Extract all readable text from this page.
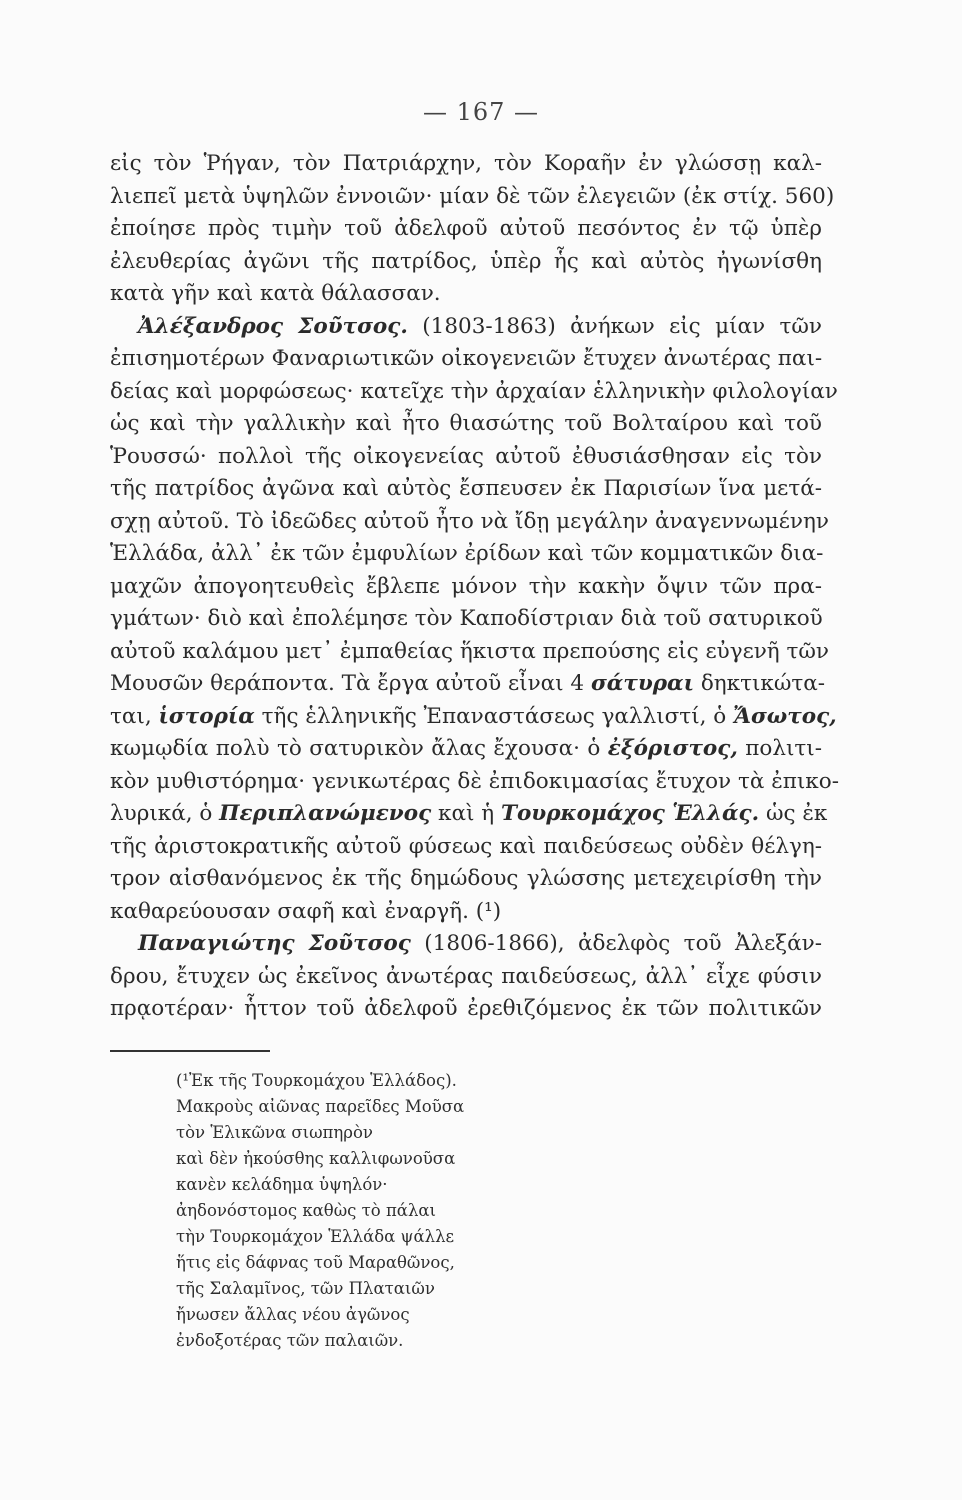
— 167 —
εἰς τὸν Ῥήγαν, τὸν Πατριάρχην, τὸν Κοραῆν ἐν γλώσσῃ καλ-
λιεπεῖ μετὰ ὑψηλῶν ἐννοιῶν· μίαν δὲ τῶν ἐλεγειῶν (ἐκ στίχ. 560)
ἐποίησε πρὸς τιμὴν τοῦ ἀδελφοῦ αὐτοῦ πεσόντος ἐν τῷ ὑπὲρ
ἐλευθερίας ἀγῶνι τῆς πατρίδος, ὑπὲρ ἧς καὶ αὐτὸς ἠγωνίσθη
κατὰ γῆν καὶ κατὰ θάλασσαν.
Ἀλέξανδρος Σοῦτσος. (1803-1863) ἀνήκων εἰς μίαν τῶν
ἐπισημοτέρων Φαναριωτικῶν οἰκογενειῶν ἔτυχεν ἀνωτέρας παι-
δείας καὶ μορφώσεως· κατεῖχε τὴν ἀρχαίαν ἑλληνικὴν φιλολογίαν
ὡς καὶ τὴν γαλλικὴν καὶ ἦτο θιασώτης τοῦ Βολταίρου καὶ τοῦ
Ῥουσσώ· πολλοὶ τῆς οἰκογενείας αὐτοῦ ἐθυσιάσθησαν εἰς τὸν
τῆς πατρίδος ἀγῶνα καὶ αὐτὸς ἔσπευσεν ἐκ Παρισίων ἵνα μετά-
σχῃ αὐτοῦ. Τὸ ἰδεῶδες αὐτοῦ ἦτο νὰ ἴδῃ μεγάλην ἀναγεννωμένην
Ἑλλάδα, ἀλλ᾽ ἐκ τῶν ἐμφυλίων ἐρίδων καὶ τῶν κομματικῶν δια-
μαχῶν ἀπογοητευθεὶς ἔβλεπε μόνον τὴν κακὴν ὄψιν τῶν πρα-
γμάτων· διὸ καὶ ἐπολέμησε τὸν Καποδίστριαν διὰ τοῦ σατυρικοῦ
αὐτοῦ καλάμου μετ᾽ ἐμπαθείας ἥκιστα πρεπούσης εἰς εὐγενῆ τῶν
Μουσῶν θεράποντα. Τὰ ἔργα αὐτοῦ εἶναι 4 σάτυραι δηκτικώτα-
ται, ἱστορία τῆς ἑλληνικῆς Ἐπαναστάσεως γαλλιστί, ὁ Ἄσωτος,
κωμῳδία πολὺ τὸ σατυρικὸν ἄλας ἔχουσα· ὁ ἐξόριστος, πολιτι-
κὸν μυθιστόρημα· γενικωτέρας δὲ ἐπιδοκιμασίας ἔτυχον τὰ ἐπικο-
λυρικά, ὁ Περιπλανώμενος καὶ ἡ Τουρκομάχος Ἑλλάς. ὡς ἐκ
τῆς ἀριστοκρατικῆς αὐτοῦ φύσεως καὶ παιδεύσεως οὐδὲν θέλγη-
τρον αἰσθανόμενος ἐκ τῆς δημώδους γλώσσης μετεχειρίσθη τὴν
καθαρεύουσαν σαφῆ καὶ ἐναργῆ. (¹)
Παναγιώτης Σοῦτσος (1806-1866), ἀδελφὸς τοῦ Ἀλεξάν-
δρου, ἔτυχεν ὡς ἐκεῖνος ἀνωτέρας παιδεύσεως, ἀλλ᾽ εἶχε φύσιν
πρᾳοτέραν· ἧττον τοῦ ἀδελφοῦ ἐρεθιζόμενος ἐκ τῶν πολιτικῶν
(¹Ἐκ τῆς Τουρκομάχου Ἑλλάδος).
Μακροὺς αἰῶνας παρεῖδες Μοῦσα
τὸν Ἑλικῶνα σιωπηρὸν
καὶ δὲν ἠκούσθης καλλιφωνοῦσα
κανὲν κελάδημα ὑψηλόν·
ἀηδονόστομος καθὼς τὸ πάλαι
τὴν Τουρκομάχον Ἑλλάδα ψάλλε
ἥτις εἰς δάφνας τοῦ Μαραθῶνος,
τῆς Σαλαμῖνος, τῶν Πλαταιῶν
ἤνωσεν ἄλλας νέου ἀγῶνος
ἐνδοξοτέρας τῶν παλαιῶν.
